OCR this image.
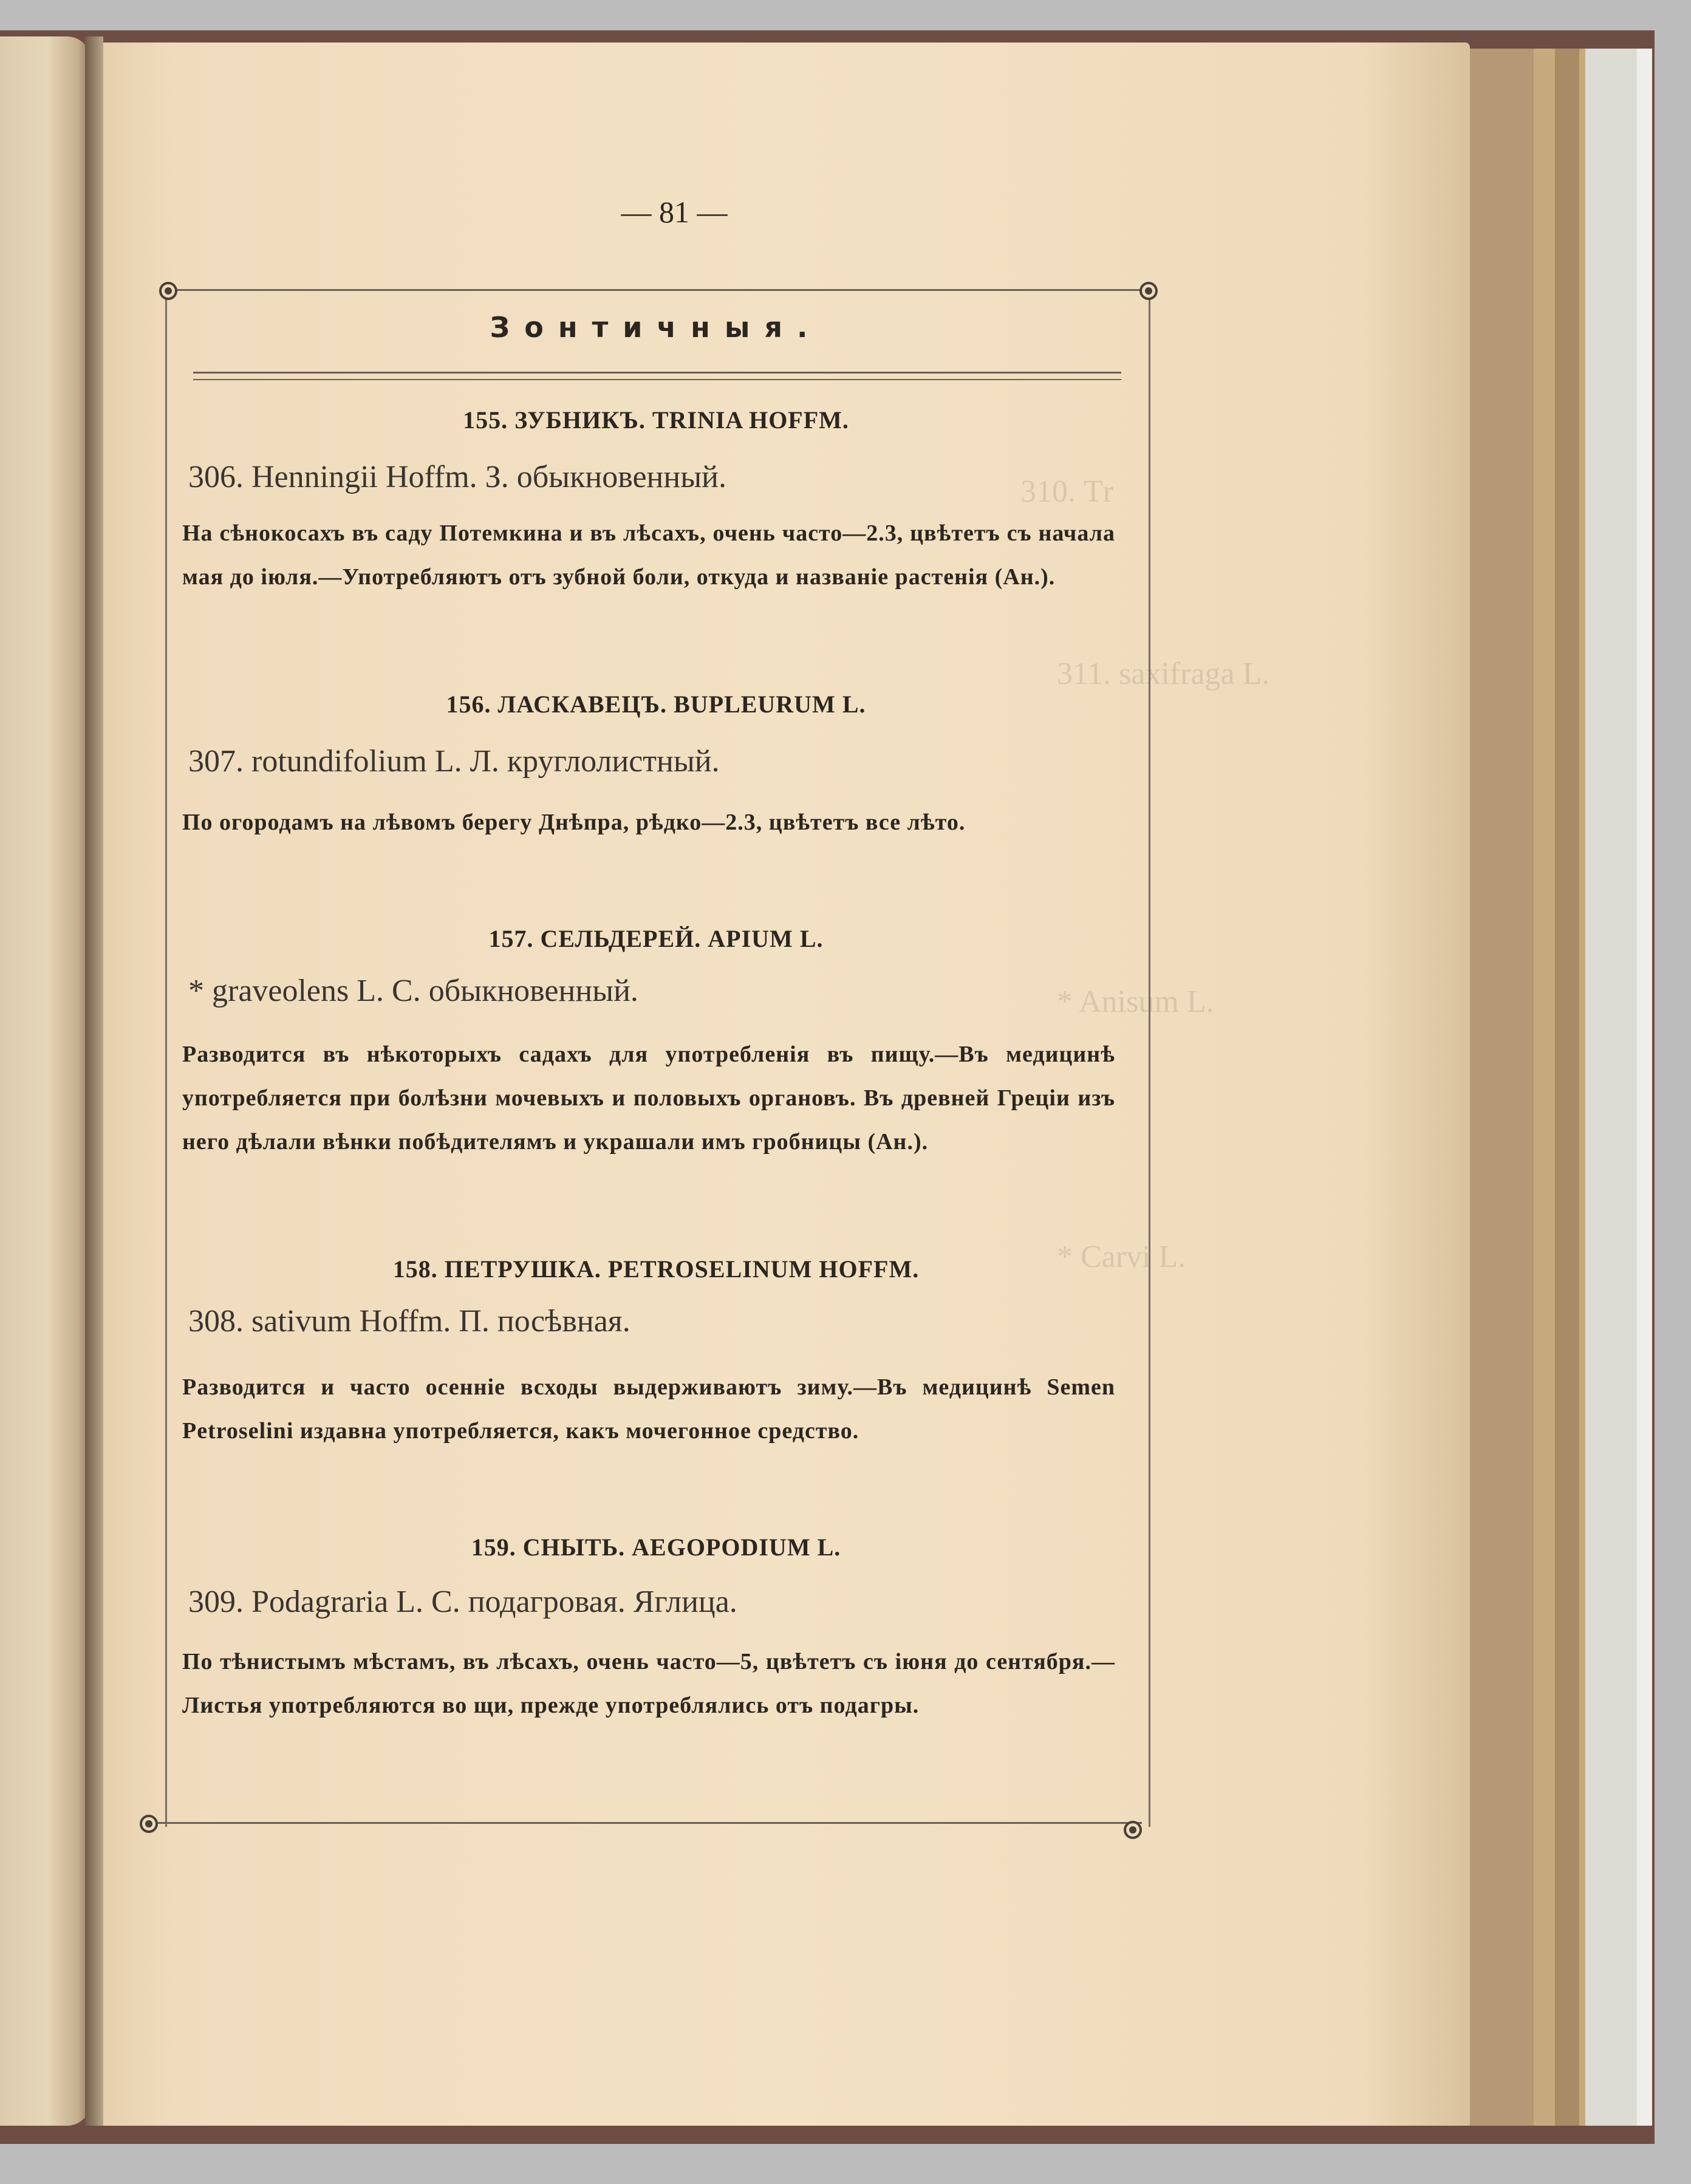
310. Тr
311. saxifraga L.
* Anisum L.
* Carvi L.
— 81 —
Зонтичныя.
155. ЗУБНИКЪ. TRINIA HOFFM.
306. Henningii Hoffm. З. обыкновенный.
На сѣнокосахъ въ саду Потемкина и въ лѣсахъ, очень часто—2.3, цвѣтетъ съ начала мая до іюля.—Употребляютъ отъ зубной боли, откуда и названіе растенія (Ан.).
156. ЛАСКАВЕЦЪ. BUPLEURUM L.
307. rotundifolium L. Л. круглолистный.
По огородамъ на лѣвомъ берегу Днѣпра, рѣдко—2.3, цвѣтетъ все лѣто.
157. СЕЛЬДЕРЕЙ. APIUM L.
* graveolens L. С. обыкновенный.
Разводится въ нѣкоторыхъ садахъ для употребленія въ пищу.—Въ медицинѣ употребляется при болѣзни мочевыхъ и половыхъ органовъ. Въ древней Греціи изъ него дѣлали вѣнки побѣдителямъ и украшали имъ гробницы (Ан.).
158. ПЕТРУШКА. PETROSELINUM HOFFM.
308. sativum Hoffm. П. посѣвная.
Разводится и часто осеннiе всходы выдерживаютъ зиму.—Въ медицинѣ Semen Petroselini издавна употребляется, какъ мочегонное средство.
159. СНЫТЬ. AEGOPODIUM L.
309. Podagraria L. С. подагровая. Яглица.
По тѣнистымъ мѣстамъ, въ лѣсахъ, очень часто—5, цвѣтетъ съ іюня до сентября.—Листья употребляются во щи, прежде употреблялись отъ подагры.
